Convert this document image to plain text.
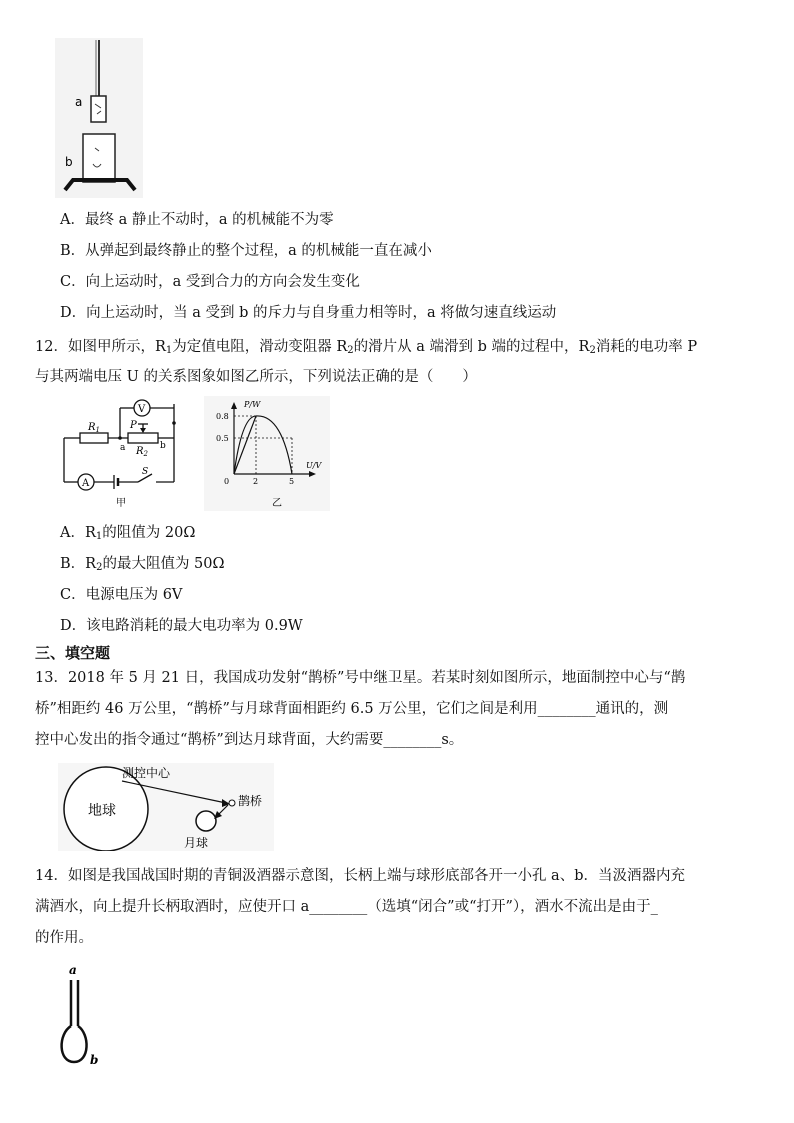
a
b
A．最终 a 静止不动时，a 的机械能不为零
B．从弹起到最终静止的整个过程，a 的机械能一直在减小
C．向上运动时，a 受到合力的方向会发生变化
D．向上运动时，当 a 受到 b 的斥力与自身重力相等时，a 将做匀速直线运动
12．如图甲所示，$R_1$为定值电阻，滑动变阻器 $R_2$的滑片从 a 端滑到 b 端的过程中，$R_2$消耗的电功率 P
与其两端电压 U 的关系图象如图乙所示，下列说法正确的是（　　）
V
A
$R_1$
$R_2$
P
a	b
S
甲
P/W
U/V
0.8
0.5
0	2	5
乙
A．$R_1$的阻值为 20Ω
B．$R_2$的最大阻值为 50Ω
C．电源电压为 6V
D．该电路消耗的最大电功率为 0.9W
三、填空题
13．2018 年 5 月 21 日，我国成功发射“鹊桥”号中继卫星。若某时刻如图所示，地面制控中心与“鹊
桥”相距约 46 万公里，“鹊桥”与月球背面相距约 6.5 万公里，它们之间是利用________通讯的，测
控中心发出的指令通过“鹊桥”到达月球背面，大约需要________s。
测控中心
地球
鹊桥
月球
14．如图是我国战国时期的青铜汲酒器示意图，长柄上端与球形底部各开一小孔 a、b．当汲酒器内充
满酒水，向上提升长柄取酒时，应使开口 a________（选填“闭合”或“打开”），酒水不流出是由于_
的作用。
a
b
